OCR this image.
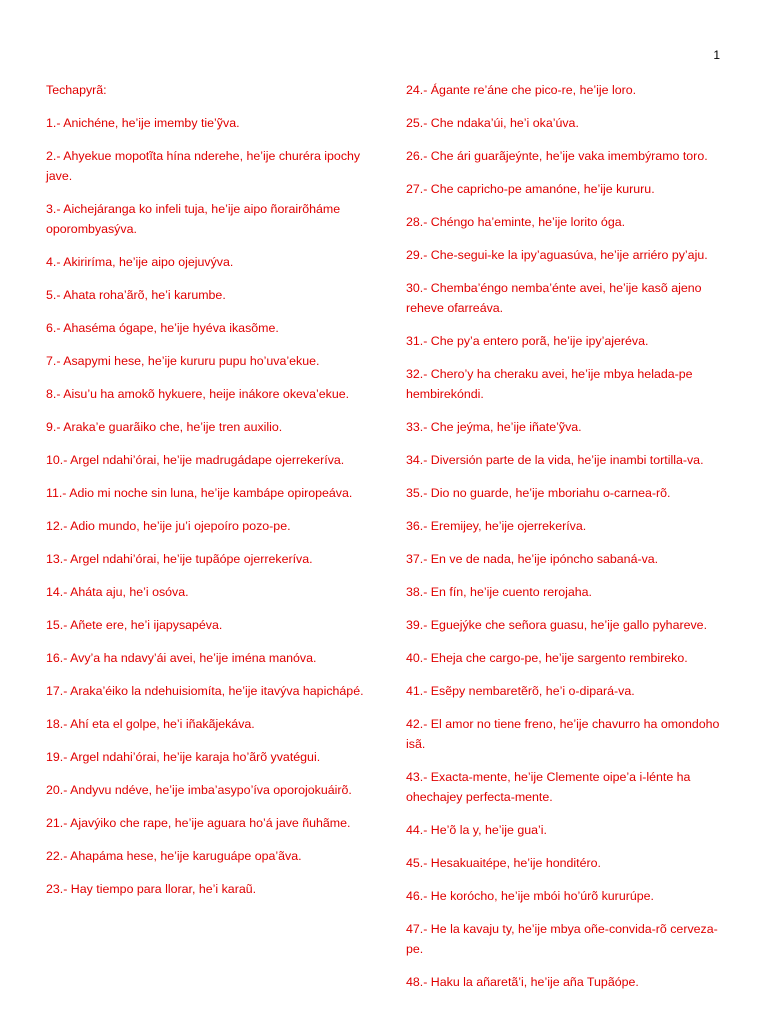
1
Techapyrã:
1.- Anichéne, he’ije imemby tie’ỹva.
2.- Ahyekue mopotĩta hína nderehe, he’ije churéra ipochy jave.
3.- Aichejáranga ko infeli tuja, he’ije aipo ñorairõháme oporombyasýva.
4.- Akiriríma, he’ije aipo ojejuvýva.
5.- Ahata roha’ãrõ, he’i karumbe.
6.- Ahaséma ógape, he’ije hyéva ikasõme.
7.- Asapymi hese, he’ije kururu pupu ho’uva’ekue.
8.- Aisu’u ha amokõ hykuere, heije inákore okeva’ekue.
9.- Araka’e guarãiko che, he’ije tren auxilio.
10.- Argel ndahi’órai, he’ije madrugádape ojerrekeríva.
11.- Adio mi noche sin luna, he’ije kambápe opiropeáva.
12.- Adio mundo, he’ije ju’i ojepoíro pozo-pe.
13.- Argel ndahi’órai, he’ije tupãópe ojerrekeríva.
14.- Aháta aju, he’i osóva.
15.- Añete ere, he’i ijapysapéva.
16.- Avy’a ha ndavy’ái avei, he’ije iména manóva.
17.- Araka’éiko la ndehuisiomíta, he’ije itavýva hapichápé.
18.- Ahí eta el golpe, he’i iñakãjekáva.
19.- Argel ndahi’órai, he’ije karaja ho’ãrõ yvatégui.
20.- Andyvu ndéve, he’ije imba’asypo’íva oporojokuáirõ.
21.- Ajavýiko che rape, he’ije aguara ho’á jave ñuhãme.
22.- Ahapáma hese, he’ije karuguápe opa’ãva.
23.- Hay tiempo para llorar, he’i karaũ.
24.- Ágante re’áne che pico-re, he’ije loro.
25.- Che ndaka’úi, he’i oka’úva.
26.- Che ári guarãjeýnte, he’ije vaka imembýramo toro.
27.- Che capricho-pe amanóne, he’ije kururu.
28.- Chéngo ha’eminte, he’ije lorito óga.
29.- Che-segui-ke la ipy’aguasúva, he’ije arriéro py’aju.
30.- Chemba’éngo nemba’énte avei, he’ije kasõ ajeno reheve ofarreáva.
31.- Che py’a entero porã, he’ije ipy’ajeréva.
32.- Chero’y ha cheraku avei, he’ije mbya helada-pe hembirekóndi.
33.- Che jeýma, he’ije iñate’ỹva.
34.- Diversión parte de la vida, he’ije inambi tortilla-va.
35.- Dio no guarde, he’ije mboriahu o-carnea-rõ.
36.- Eremijey, he’ije ojerrekeríva.
37.- En ve de nada, he’ije ipóncho sabaná-va.
38.- En fín, he’ije cuento rerojaha.
39.- Eguejýke che señora guasu, he’ije gallo pyhareve.
40.- Eheja che cargo-pe, he’ije sargento rembireko.
41.- Esẽpy nembaretẽrõ, he’i o-dipará-va.
42.- El amor no tiene freno, he’ije chavurro ha omondoho isã.
43.- Exacta-mente, he’ije Clemente oipe’a i-lénte ha ohechajey perfecta-mente.
44.- He’õ la y, he’ije gua’i.
45.- Hesakuaitépe, he’ije honditéro.
46.- He korócho, he’ije mbói ho’úrõ kururúpe.
47.- He la kavaju ty, he’ije mbya oñe-convida-rõ cerveza-pe.
48.- Haku la añaretã’i, he’ije aña Tupãópe.
